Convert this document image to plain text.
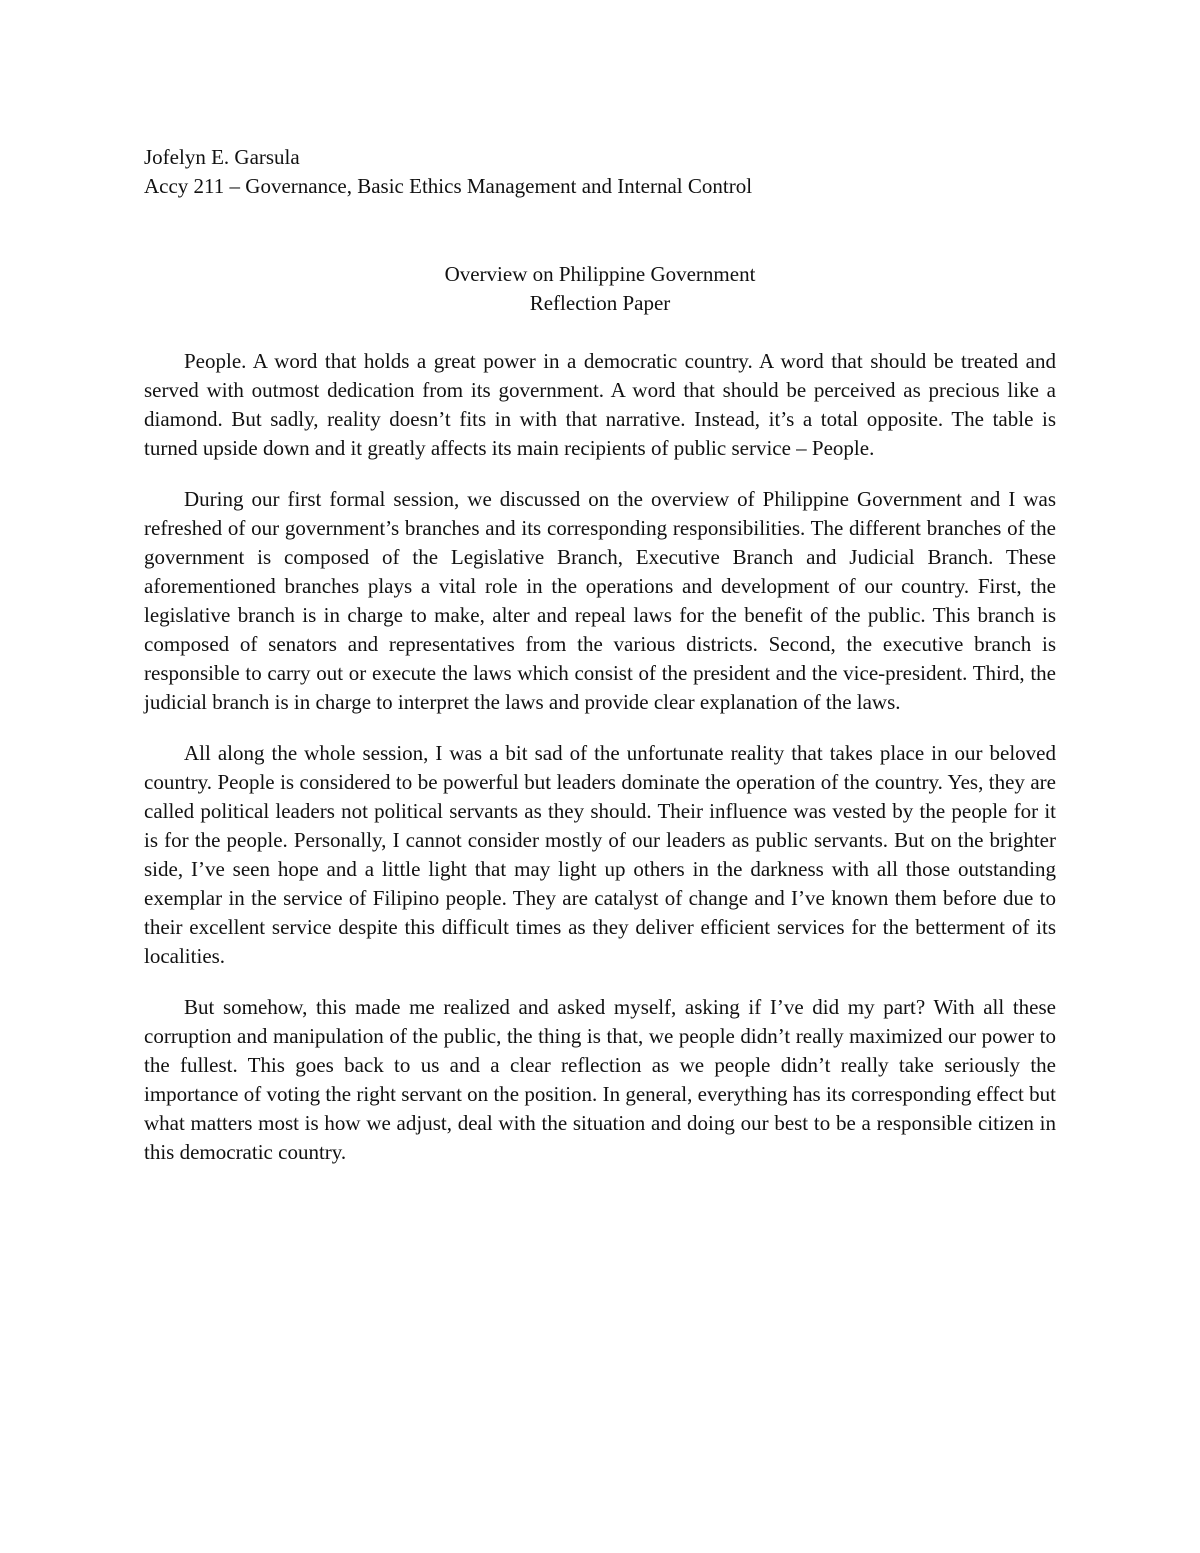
Jofelyn E. Garsula

Accy 211 – Governance, Basic Ethics Management and Internal Control

Overview on Philippine Government

Reflection Paper

People. A word that holds a great power in a democratic country. A word that should be treated and served with outmost dedication from its government. A word that should be perceived as precious like a diamond. But sadly, reality doesn’t fits in with that narrative. Instead, it’s a total opposite. The table is turned upside down and it greatly affects its main recipients of public service – People.

During our first formal session, we discussed on the overview of Philippine Government and I was refreshed of our government’s branches and its corresponding responsibilities. The different branches of the government is composed of the Legislative Branch, Executive Branch and Judicial Branch. These aforementioned branches plays a vital role in the operations and development of our country. First, the legislative branch is in charge to make, alter and repeal laws for the benefit of the public. This branch is composed of senators and representatives from the various districts. Second, the executive branch is responsible to carry out or execute the laws which consist of the president and the vice-president. Third, the judicial branch is in charge to interpret the laws and provide clear explanation of the laws.

All along the whole session, I was a bit sad of the unfortunate reality that takes place in our beloved country. People is considered to be powerful but leaders dominate the operation of the country. Yes, they are called political leaders not political servants as they should. Their influence was vested by the people for it is for the people. Personally, I cannot consider mostly of our leaders as public servants. But on the brighter side, I’ve seen hope and a little light that may light up others in the darkness with all those outstanding exemplar in the service of Filipino people. They are catalyst of change and I’ve known them before due to their excellent service despite this difficult times as they deliver efficient services for the betterment of its localities.

But somehow, this made me realized and asked myself, asking if I’ve did my part? With all these corruption and manipulation of the public, the thing is that, we people didn’t really maximized our power to the fullest. This goes back to us and a clear reflection as we people didn’t really take seriously the importance of voting the right servant on the position. In general, everything has its corresponding effect but what matters most is how we adjust, deal with the situation and doing our best to be a responsible citizen in this democratic country.
